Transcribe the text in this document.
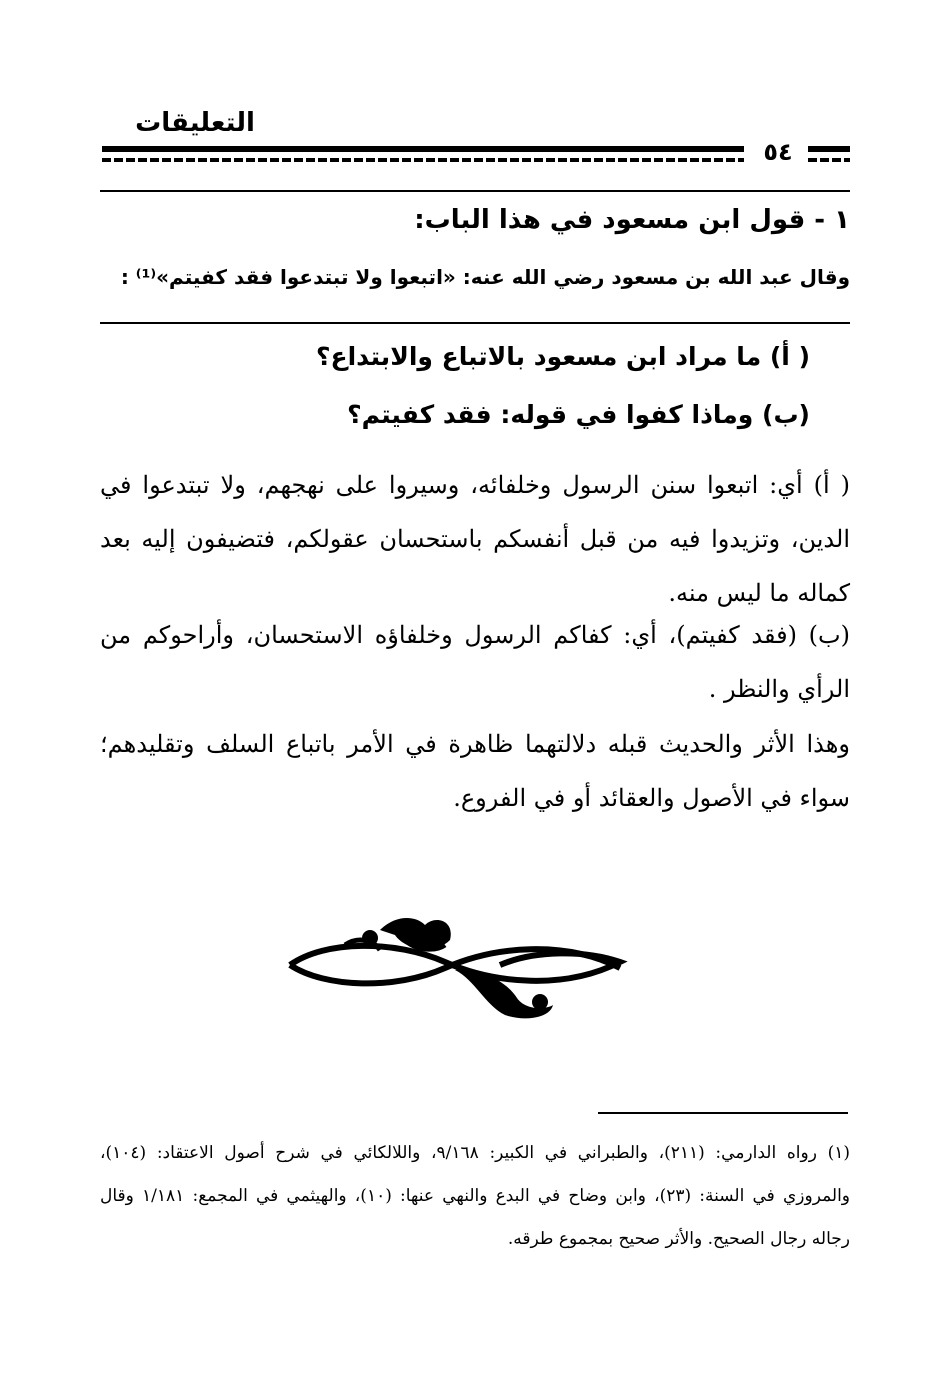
التعليقات
٥٤
١ - قول ابن مسعود في هذا الباب:
وقال عبد الله بن مسعود رضي الله عنه: «اتبعوا ولا تبتدعوا فقد كفيتم»⁽¹⁾ :
( أ) ما مراد ابن مسعود بالاتباع والابتداع؟
(ب) وماذا كفوا في قوله: فقد كفيتم؟
( أ) أي: اتبعوا سنن الرسول وخلفائه، وسيروا على نهجهم، ولا تبتدعوا في الدين، وتزيدوا فيه من قبل أنفسكم باستحسان عقولكم، فتضيفون إليه بعد كماله ما ليس منه.
(ب) (فقد كفيتم)، أي: كفاكم الرسول وخلفاؤه الاستحسان، وأراحوكم من الرأي والنظر .
وهذا الأثر والحديث قبله دلالتهما ظاهرة في الأمر باتباع السلف وتقليدهم؛ سواء في الأصول والعقائد أو في الفروع.
(١) رواه الدارمي: (٢١١)، والطبراني في الكبير: ٩/١٦٨، واللالكائي في شرح أصول الاعتقاد: (١٠٤)، والمروزي في السنة: (٢٣)، وابن وضاح في البدع والنهي عنها: (١٠)، والهيثمي في المجمع: ١/١٨١ وقال رجاله رجال الصحيح. والأثر صحيح بمجموع طرقه.
